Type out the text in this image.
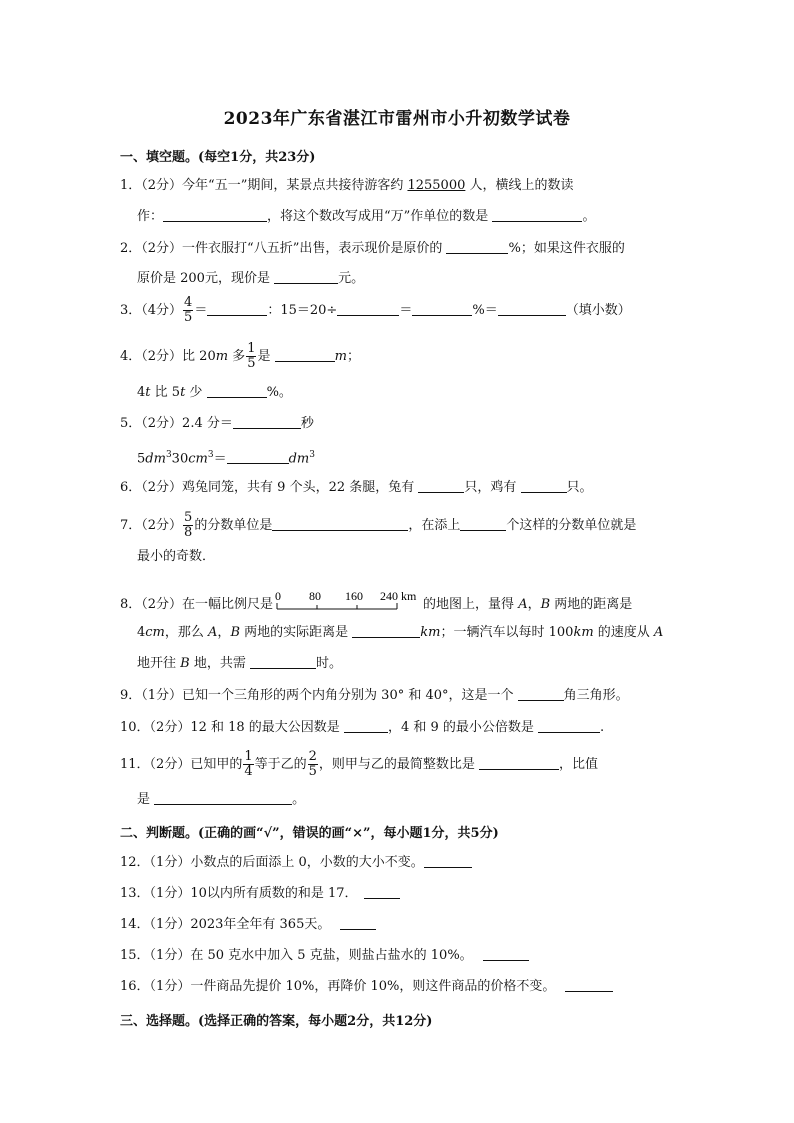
2023年广东省湛江市雷州市小升初数学试卷
一、填空题。(每空1分，共23分)
1．（2分）今年“五一”期间，某景点共接待游客约 1255000 人，横线上的数读
作：	，将这个数改写成用“万”作单位的数是	。
2．（2分）一件衣服打“八五折”出售，表示现价是原价的	%；如果这件衣服的
原价是 200元，现价是	元。
3．（4分） $\frac{4}{5}$ ＝	：15＝20÷	＝	%＝	（填小数）
4．（2分）比 20m 多 $\frac{1}{5}$ 是	m；
4t 比 5t 少	%。
5．（2分）2.4 分＝	秒
$5dm^330cm^3=$	$dm^3$
6．（2分）鸡兔同笼，共有 9 个头，22 条腿，兔有	只，鸡有	只。
7．（2分） $\frac{5}{8}$ 的分数单位是	，在添上	个这样的分数单位就是
最小的奇数．
8．（2分）在一幅比例尺是
0 80 160 240 km
的地图上，量得 A，B 两地的距离是
4cm，那么 A，B 两地的实际距离是	km；一辆汽车以每时 100km 的速度从 A
地开往 B 地，共需	时。
9．（1分）已知一个三角形的两个内角分别为 30° 和 40°，这是一个	角三角形。
10．（2分）12 和 18 的最大公因数是	，4 和 9 的最小公倍数是	.
11．（2分）已知甲的 $\frac{1}{4}$ 等于乙的 $\frac{2}{5}$ ，则甲与乙的最简整数比是	，比值
是	。
二、判断题。(正确的画“√”，错误的画“×”，每小题1分，共5分)
12．（1分）小数点的后面添上 0，小数的大小不变。
13．（1分）10以内所有质数的和是 17．
14．（1分）2023年全年有 365天。
15．（1分）在 50 克水中加入 5 克盐，则盐占盐水的 10%。
16．（1分）一件商品先提价 10%，再降价 10%，则这件商品的价格不变。
三、选择题。(选择正确的答案，每小题2分，共12分)
